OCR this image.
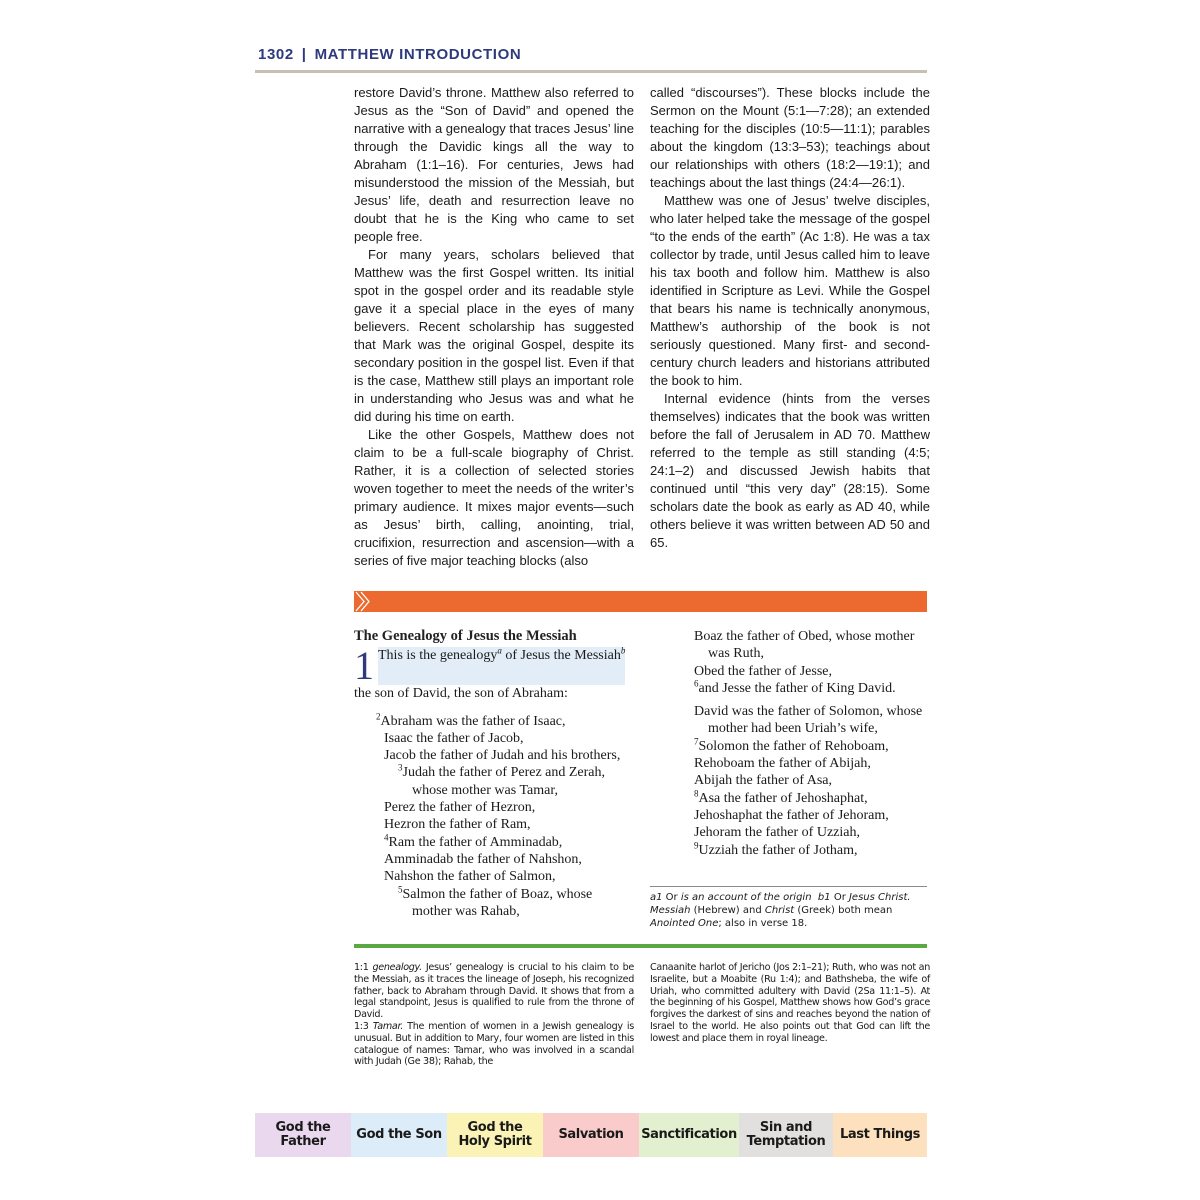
1302 | MATTHEW INTRODUCTION

restore David’s throne. Matthew also referred to Jesus as the “Son of David” and opened the narrative with a genealogy that traces Jesus’ line through the Davidic kings all the way to Abraham (1:1–16). For centuries, Jews had misunderstood the mission of the Messiah, but Jesus’ life, death and resurrection leave no doubt that he is the King who came to set people free.

For many years, scholars believed that Matthew was the first Gospel written. Its initial spot in the gospel order and its readable style gave it a special place in the eyes of many believers. Recent scholarship has suggested that Mark was the original Gospel, despite its secondary position in the gospel list. Even if that is the case, Matthew still plays an important role in understanding who Jesus was and what he did during his time on earth.

Like the other Gospels, Matthew does not claim to be a full-scale biography of Christ. Rather, it is a collection of selected stories woven together to meet the needs of the writer’s primary audience. It mixes major events—such as Jesus’ birth, calling, anointing, trial, crucifixion, resurrection and ascension—with a series of five major teaching blocks (also

called “discourses”). These blocks include the Sermon on the Mount (5:1—7:28); an extended teaching for the disciples (10:5—11:1); parables about the kingdom (13:3–53); teachings about our relationships with others (18:2—19:1); and teachings about the last things (24:4—26:1).

Matthew was one of Jesus’ twelve disciples, who later helped take the message of the gospel “to the ends of the earth” (Ac 1:8). He was a tax collector by trade, until Jesus called him to leave his tax booth and follow him. Matthew is also identified in Scripture as Levi. While the Gospel that bears his name is technically anonymous, Matthew’s authorship of the book is not seriously questioned. Many first- and second-century church leaders and historians attributed the book to him.

Internal evidence (hints from the verses themselves) indicates that the book was written before the fall of Jerusalem in AD 70. Matthew referred to the temple as still standing (4:5; 24:1–2) and discussed Jewish habits that continued until “this very day” (28:15). Some scholars date the book as early as AD 40, while others believe it was written between AD 50 and 65.

The Genealogy of Jesus the Messiah
1 This is the genealogy$^a$ of Jesus the Messiah$^b$
the son of David, the son of Abraham:
$^2$Abraham was the father of Isaac,
Isaac the father of Jacob,
Jacob the father of Judah and his brothers,
$^3$Judah the father of Perez and Zerah, whose mother was Tamar,
Perez the father of Hezron,
Hezron the father of Ram,
$^4$Ram the father of Amminadab,
Amminadab the father of Nahshon,
Nahshon the father of Salmon,
$^5$Salmon the father of Boaz, whose mother was Rahab,
Boaz the father of Obed, whose mother was Ruth,
Obed the father of Jesse,
$^6$and Jesse the father of King David.
David was the father of Solomon, whose mother had been Uriah’s wife,
$^7$Solomon the father of Rehoboam,
Rehoboam the father of Abijah,
Abijah the father of Asa,
$^8$Asa the father of Jehoshaphat,
Jehoshaphat the father of Jehoram,
Jehoram the father of Uzziah,
$^9$Uzziah the father of Jotham,
a1 Or is an account of the origin b1 Or Jesus Christ. Messiah (Hebrew) and Christ (Greek) both mean Anointed One; also in verse 18.

1:1 genealogy. Jesus’ genealogy is crucial to his claim to be the Messiah, as it traces the lineage of Joseph, his recognized father, back to Abraham through David. It shows that from a legal standpoint, Jesus is qualified to rule from the throne of David.

1:3 Tamar. The mention of women in a Jewish genealogy is unusual. But in addition to Mary, four women are listed in this catalogue of names: Tamar, who was involved in a scandal with Judah (Ge 38); Rahab, the

Canaanite harlot of Jericho (Jos 2:1–21); Ruth, who was not an Israelite, but a Moabite (Ru 1:4); and Bathsheba, the wife of Uriah, who committed adultery with David (2Sa 11:1–5). At the beginning of his Gospel, Matthew shows how God’s grace forgives the darkest of sins and reaches beyond the nation of Israel to the world. He also points out that God can lift the lowest and place them in royal lineage.

God the
Father	God the Son	God the
Holy Spirit Salvation Sanctification	Sin and
Temptation Last Things
